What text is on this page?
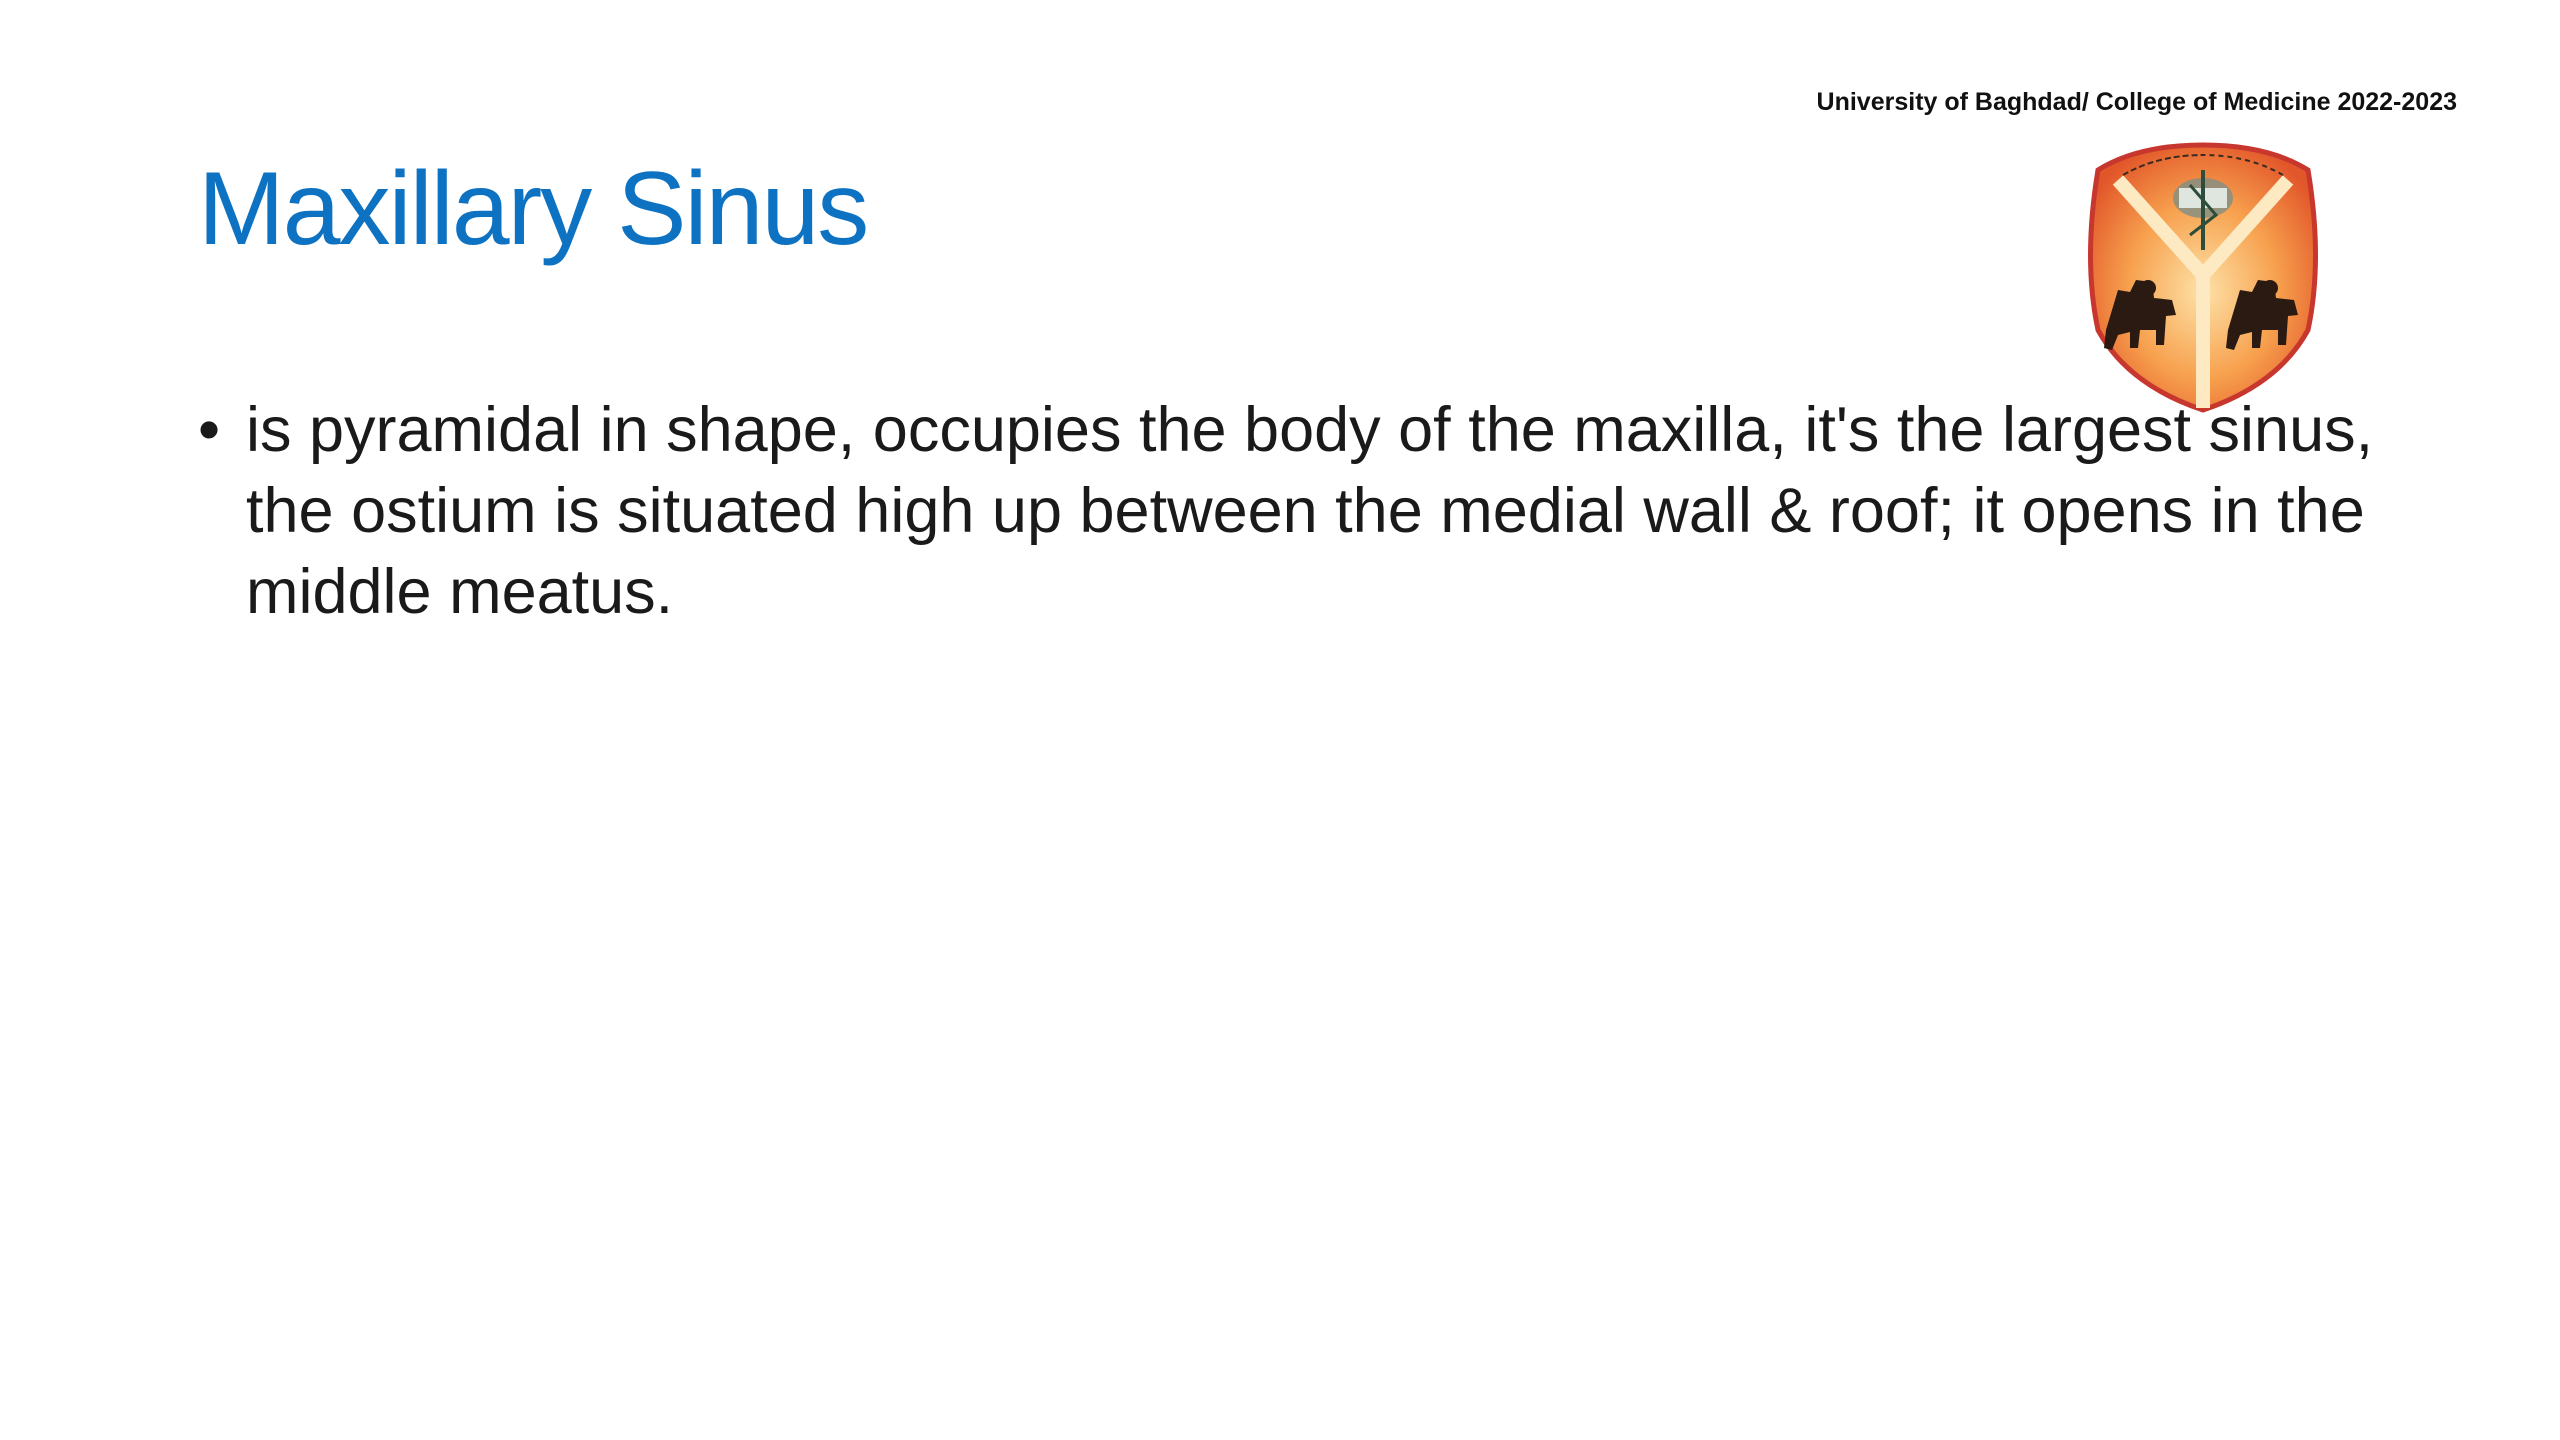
University of Baghdad/ College of Medicine 2022-2023
Maxillary Sinus
• is pyramidal in shape, occupies the body of the maxilla, it's the largest sinus, the ostium is situated high up between the medial wall & roof; it opens in the middle meatus.
